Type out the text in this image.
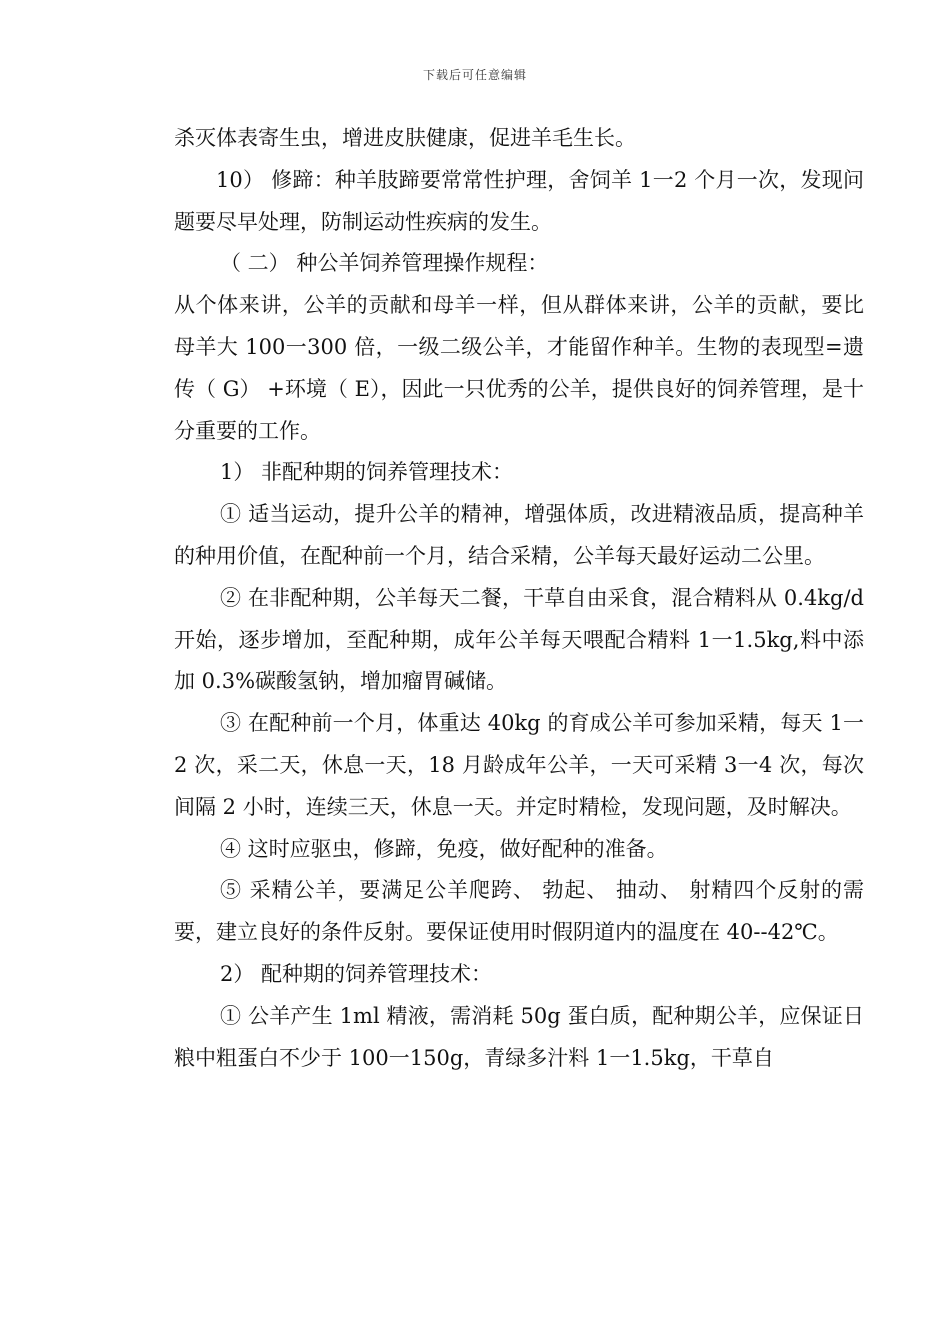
下载后可任意编辑

杀灭体表寄生虫，增进皮肤健康，促进羊毛生长。

10） 修蹄：种羊肢蹄要常常性护理，舍饲羊 1一2 个月一次，发现问题要尽早处理，防制运动性疾病的发生。

（ 二） 种公羊饲养管理操作规程：

从个体来讲，公羊的贡献和母羊一样，但从群体来讲，公羊的贡献，要比母羊大 100一300 倍，一级二级公羊，才能留作种羊。生物的表现型=遗传（ G） +环境（ E），因此一只优秀的公羊，提供良好的饲养管理，是十分重要的工作。

1） 非配种期的饲养管理技术：

① 适当运动，提升公羊的精神，增强体质，改进精液品质，提高种羊的种用价值，在配种前一个月，结合采精，公羊每天最好运动二公里。

② 在非配种期，公羊每天二餐，干草自由采食，混合精料从 0.4kg/d 开始，逐步增加，至配种期，成年公羊每天喂配合精料 1一1.5kg,料中添加 0.3%碳酸氢钠，增加瘤胃碱储。

③ 在配种前一个月，体重达 40kg 的育成公羊可参加采精，每天 1一2 次，采二天，休息一天，18 月龄成年公羊，一天可采精 3一4 次，每次间隔 2 小时，连续三天，休息一天。并定时精检，发现问题，及时解决。

④ 这时应驱虫，修蹄，免疫，做好配种的准备。

⑤ 采精公羊，要满足公羊爬跨、 勃起、 抽动、 射精四个反射的需要，建立良好的条件反射。要保证使用时假阴道内的温度在 40--42℃。

2） 配种期的饲养管理技术：

① 公羊产生 1ml 精液，需消耗 50g 蛋白质，配种期公羊，应保证日粮中粗蛋白不少于 100一150g，青绿多汁料 1一1.5kg，干草自
